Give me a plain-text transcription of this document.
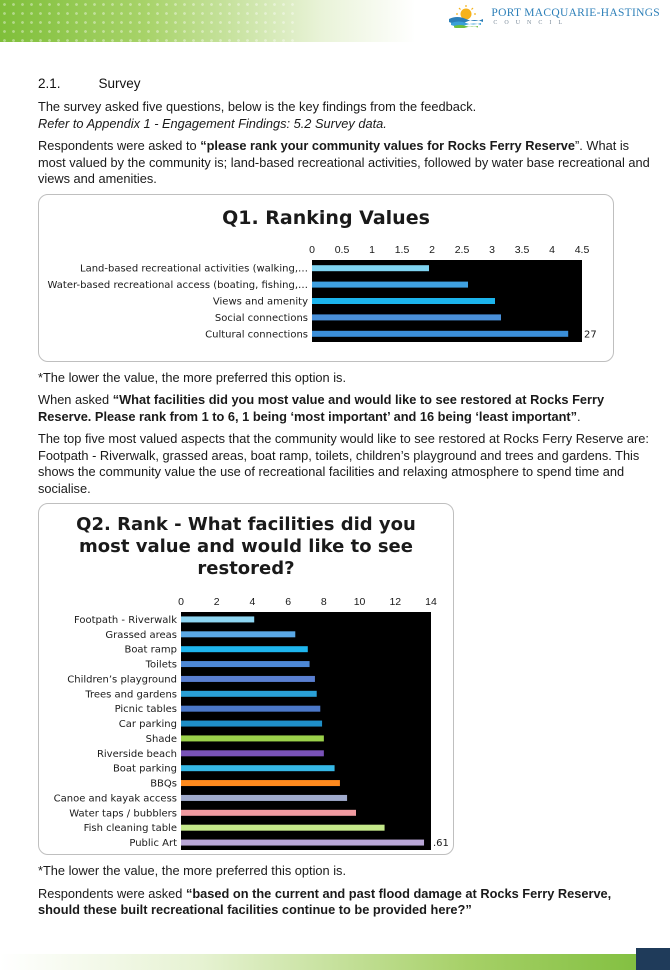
PORT MACQUARIE-HASTINGS
COUNCIL
2.1.	Survey

The survey asked five questions, below is the key findings from the feedback.

Refer to Appendix 1 - Engagement Findings: 5.2 Survey data.

Respondents were asked to “please rank your community values for Rocks Ferry Reserve”. What is most valued by the community is; land-based recreational activities, followed by water base recreational and views and amenities.

Q1. Ranking Values
0 0.5 1 1.5 2 2.5 3 3.5 4 4.5
Land-based recreational activities (walking,…
Water-based recreational access (boating, fishing,…
Views and amenity
Social connections
Cultural connections	27

*The lower the value, the more preferred this option is.

When asked “What facilities did you most value and would like to see restored at Rocks Ferry Reserve. Please rank from 1 to 6, 1 being ‘most important’ and 16 being ‘least important”.

The top five most valued aspects that the community would like to see restored at Rocks Ferry Reserve are: Footpath - Riverwalk, grassed areas, boat ramp, toilets, children’s playground and trees and gardens. This shows the community value the use of recreational facilities and relaxing atmosphere to spend time and socialise.

Q2. Rank - What facilities did you most value and would like to see restored?
0	2	4	6	8	10 12 14
Footpath - Riverwalk
Grassed areas
Boat ramp
Toilets
Children’s playground
Trees and gardens
Picnic tables
Car parking
Shade
Riverside beach
Boat parking
BBQs
Canoe and kayak access
Water taps / bubblers
Fish cleaning table
Public Art	.61

*The lower the value, the more preferred this option is.

Respondents were asked “based on the current and past flood damage at Rocks Ferry Reserve, should these built recreational facilities continue to be provided here?”
